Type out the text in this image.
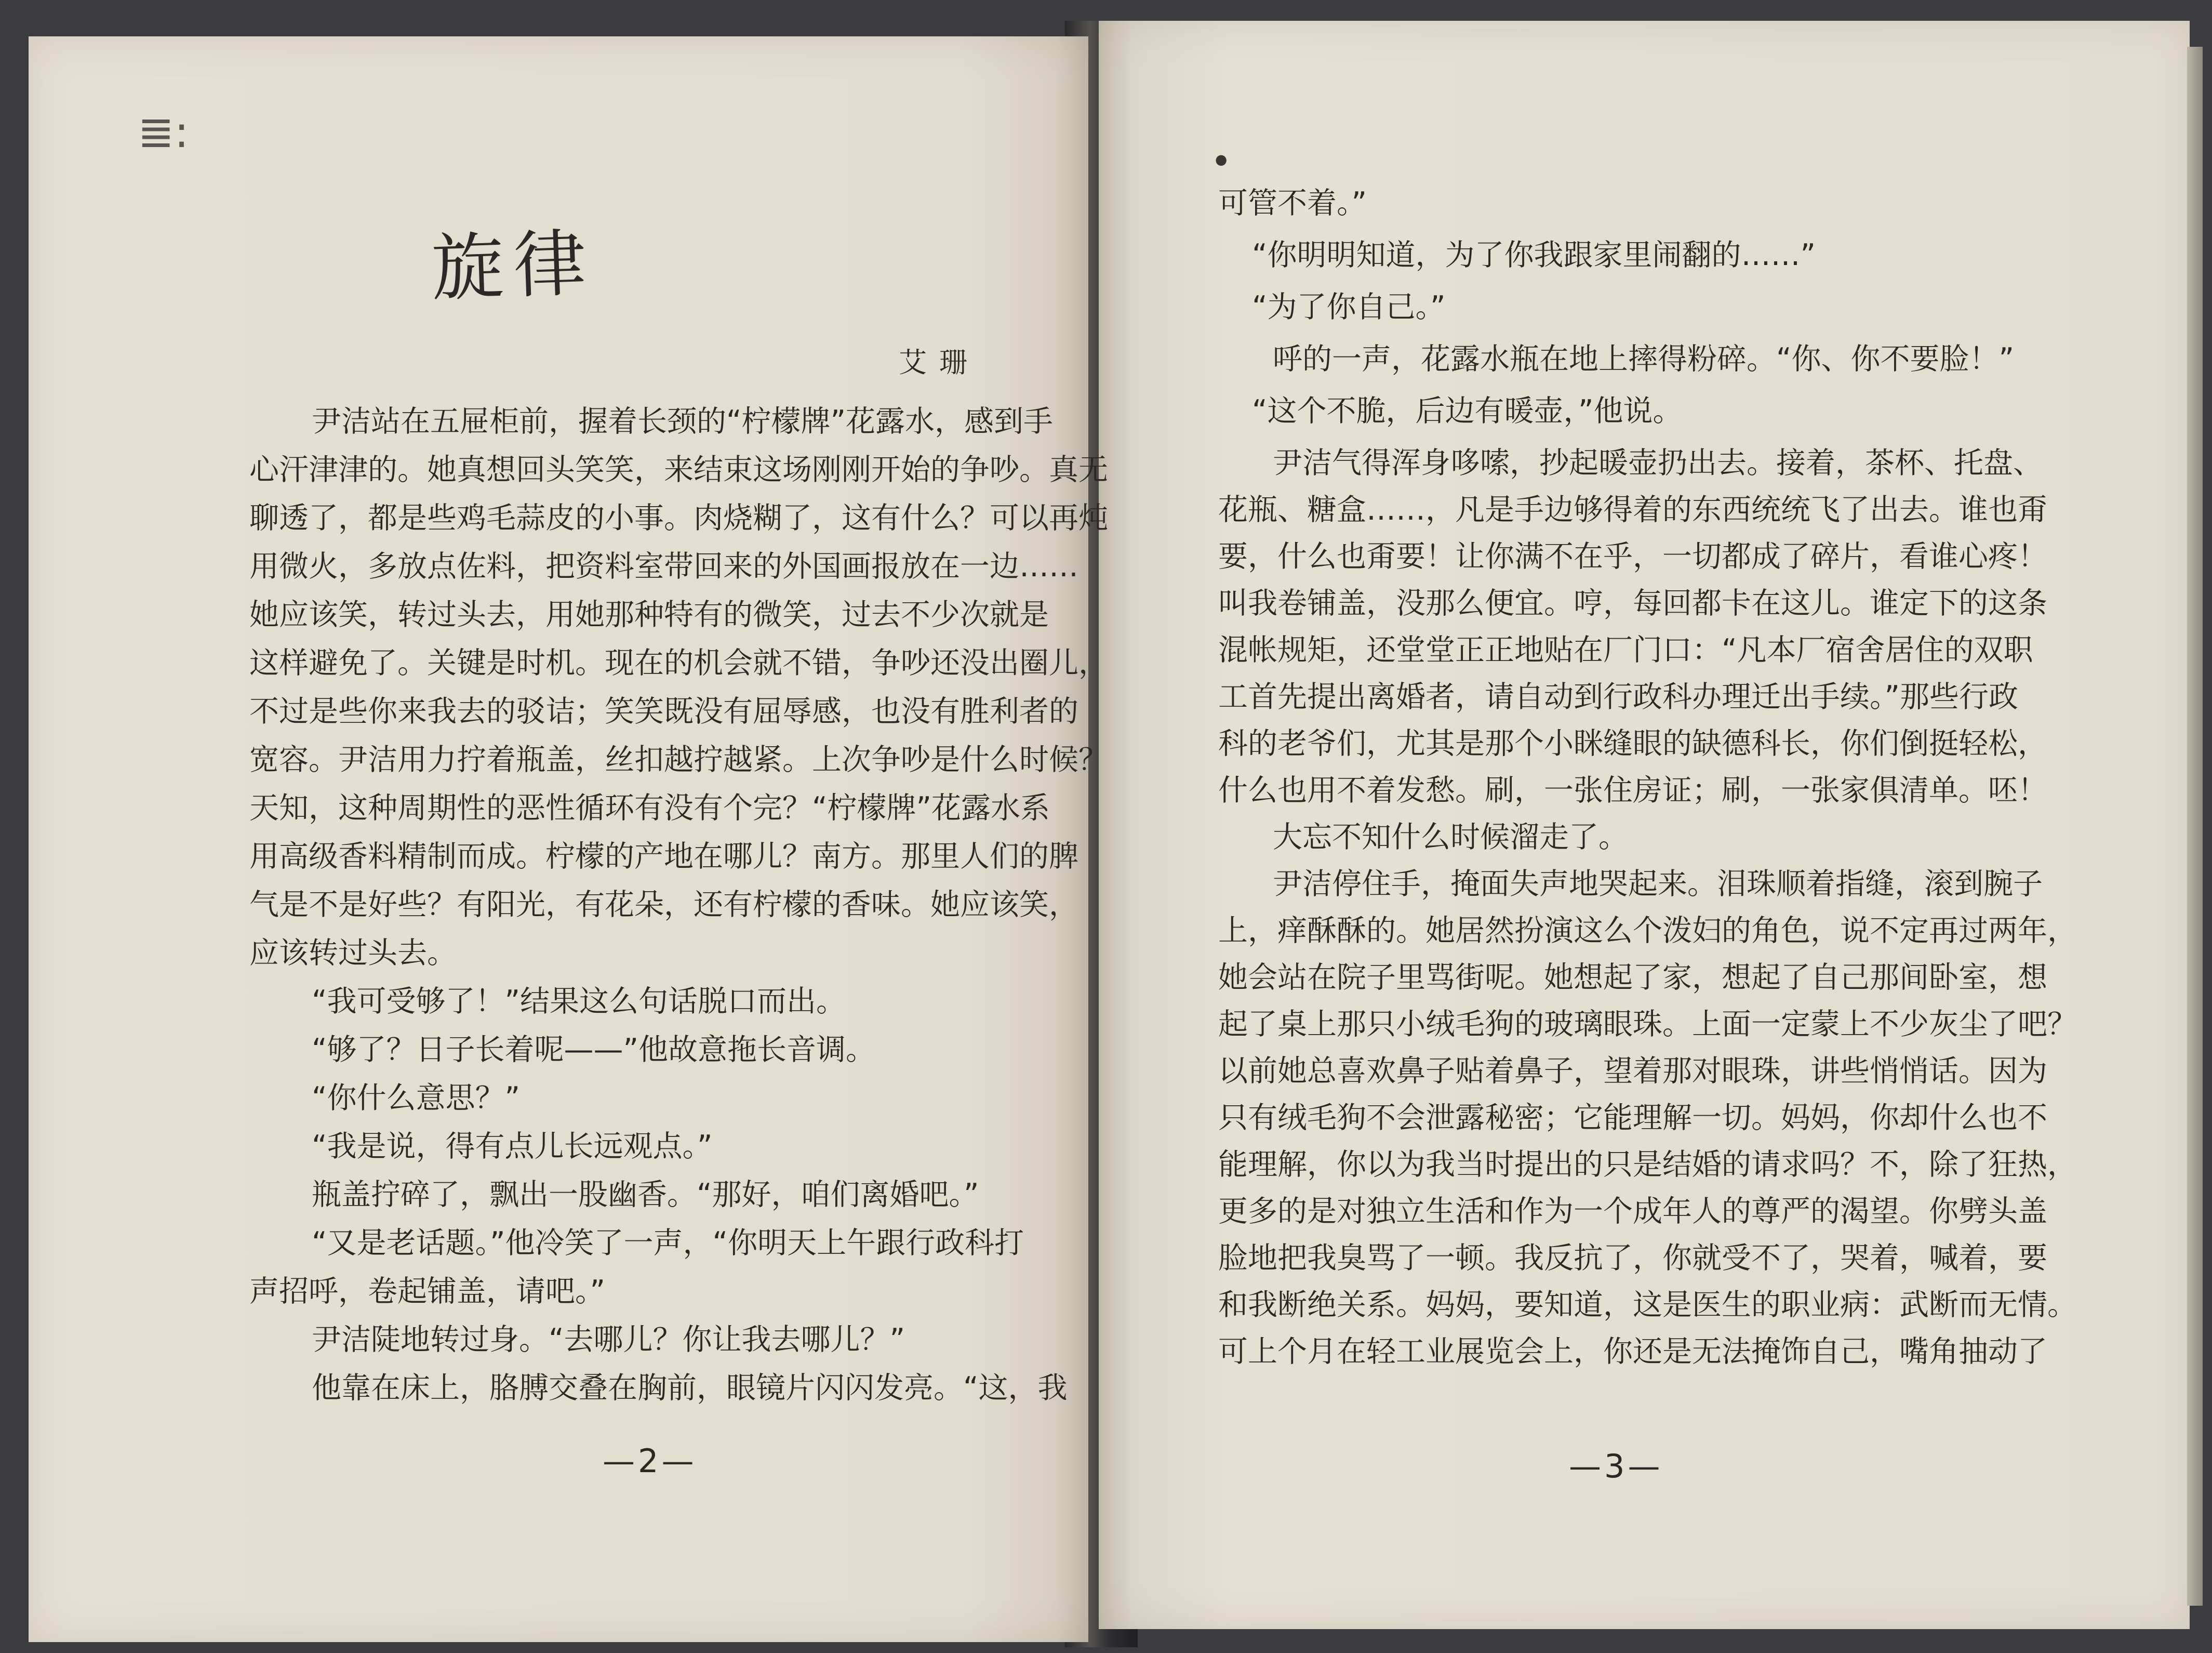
≣:
旋律
艾珊
尹洁站在五屉柜前，握着长颈的“柠檬牌”花露水，感到手
心汗津津的。她真想回头笑笑，来结束这场刚刚开始的争吵。真无
聊透了，都是些鸡毛蒜皮的小事。肉烧糊了，这有什么？可以再炖
用微火，多放点佐料，把资料室带回来的外国画报放在一边……
她应该笑，转过头去，用她那种特有的微笑，过去不少次就是
这样避免了。关键是时机。现在的机会就不错，争吵还没出圈儿，
不过是些你来我去的驳诘；笑笑既没有屈辱感，也没有胜利者的
宽容。尹洁用力拧着瓶盖，丝扣越拧越紧。上次争吵是什么时候？
天知，这种周期性的恶性循环有没有个完？“柠檬牌”花露水系
用高级香料精制而成。柠檬的产地在哪儿？南方。那里人们的脾
气是不是好些？有阳光，有花朵，还有柠檬的香味。她应该笑，
应该转过头去。
“我可受够了！”结果这么句话脱口而出。
“够了？日子长着呢——”他故意拖长音调。
“你什么意思？”
“我是说，得有点儿长远观点。”
瓶盖拧碎了，飘出一股幽香。“那好，咱们离婚吧。”
“又是老话题。”他冷笑了一声，“你明天上午跟行政科打
声招呼，卷起铺盖，请吧。”
尹洁陡地转过身。“去哪儿？你让我去哪儿？”
他靠在床上，胳膊交叠在胸前，眼镜片闪闪发亮。“这，我
—2—
•
可管不着。”
“你明明知道，为了你我跟家里闹翻的……”
“为了你自己。”
呼的一声，花露水瓶在地上摔得粉碎。“你、你不要脸！”
“这个不脆，后边有暖壶，”他说。
尹洁气得浑身哆嗦，抄起暖壶扔出去。接着，茶杯、托盘、
花瓶、糖盒……，凡是手边够得着的东西统统飞了出去。谁也甭
要，什么也甭要！让你满不在乎，一切都成了碎片，看谁心疼！
叫我卷铺盖，没那么便宜。哼，每回都卡在这儿。谁定下的这条
混帐规矩，还堂堂正正地贴在厂门口：“凡本厂宿舍居住的双职
工首先提出离婚者，请自动到行政科办理迁出手续。”那些行政
科的老爷们，尤其是那个小眯缝眼的缺德科长，你们倒挺轻松，
什么也用不着发愁。刷，一张住房证；刷，一张家俱清单。呸！
大忘不知什么时候溜走了。
尹洁停住手，掩面失声地哭起来。泪珠顺着指缝，滚到腕子
上，痒酥酥的。她居然扮演这么个泼妇的角色，说不定再过两年，
她会站在院子里骂街呢。她想起了家，想起了自己那间卧室，想
起了桌上那只小绒毛狗的玻璃眼珠。上面一定蒙上不少灰尘了吧？
以前她总喜欢鼻子贴着鼻子，望着那对眼珠，讲些悄悄话。因为
只有绒毛狗不会泄露秘密；它能理解一切。妈妈，你却什么也不
能理解，你以为我当时提出的只是结婚的请求吗？不，除了狂热，
更多的是对独立生活和作为一个成年人的尊严的渴望。你劈头盖
脸地把我臭骂了一顿。我反抗了，你就受不了，哭着，喊着，要
和我断绝关系。妈妈，要知道，这是医生的职业病：武断而无情。
可上个月在轻工业展览会上，你还是无法掩饰自己，嘴角抽动了
—3—
